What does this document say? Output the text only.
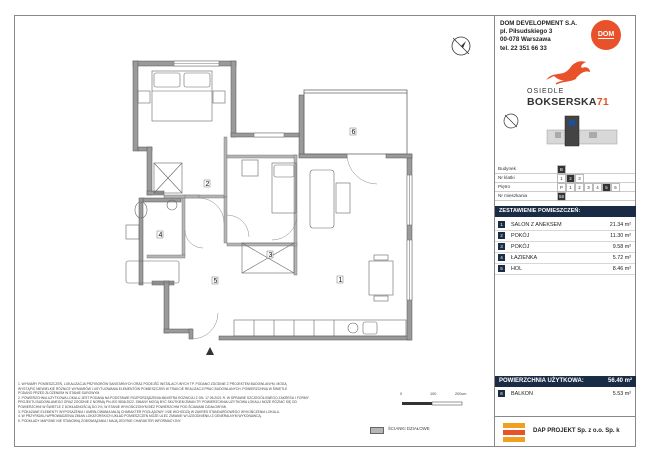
6
2
4
3
5	1
DOM DEVELOPMENT S.A.
pl. Piłsudskiego 3
00-078 Warszawa
tel. 22 351 66 33
DOM
OSIEDLE
BOKSERSKA71
Budynek	B
Nr klatki	1	2	3
Piętro	P	1	2	3	4	5	6
Nr mieszkania	58
ZESTAWIENIE POMIESZCZEŃ:
1	SALON Z ANEKSEM	21.34 m²
2	POKÓJ	11.30 m²
3	POKÓJ	9.58 m²
4	ŁAZIENKA	5.72 m²
5	HOL	8.46 m²
POWIERZCHNIA UŻYTKOWA:	56.40 m²
6	BALKON	5.53 m²
DAP PROJEKT Sp. z o.o. Sp. k
0	100	200cm
ŚCIANKI DZIAŁOWE
1. WYMIARY POMIESZCZEŃ, LOKALIZACJA PRZYBORÓW SANITARNYCH ORAZ PODEJŚĆ INSTALACYJNYCH TP. PODANO ZGODNIE Z PROJEKTEM BUDOWLANYM. MOGĄ
WYSTĄPIĆ NIEWIELKIE RÓŻNICE WYMIARÓW I USYTUOWANIA ELEMENTÓW POMIESZCZEŃ W TRAKCIE REALIZACJI PRAC BUDOWLANYCH. POWIERZCHNIA W ŚWIETLE
PODANO PRZED ZŁOŻENIEM W STANIE SUROWYM.
2. POWIERZCHNIA UŻYTKOWA LOKALU JEST PODANA NA PODSTAWIE ROZPORZĄDZENIA MINISTRA ROZWOJU Z DN. 17.06.2021 R. W SPRAWIE SZCZEGÓŁOWEGO ZAKRESU I FORMY
PROJEKTU BUDOWLANEGO ORAZ ZGODNIE Z NORMĄ PN-ISO 9836:2022. ZMIANY MOGĄ BYĆ SKUTKIEM ZMIAN TP. POWIERZCHNIA UŻYTKOWA LOKALU MOŻE RÓŻNIĆ SIĘ OD
POWIERZCHNI W ŚWIETLE Z DOKŁADNOŚCIĄ DO 2%, W STANIE WYKOŃCZONYM BEZ POWIERZCHNI POD ŚCIANAMI DZIAŁOWYMI.
3. POKAZANE ELEMENTY WYPOSAŻENIA I UMEBLOWANIA MAJĄ CHARAKTER POGLĄDOWY I NIE WCHODZĄ W ZAKRES STANDARDOWEGO WYKOŃCZENIA LOKALU.
4. W PRZYPADKU WPROWADZENIA ZMIAN LOKATORSKICH UKŁAD POMIESZCZEŃ MOŻE ULEC ZMIANIE W UZGODNIENIU Z GENERALNYM WYKONAWCĄ.
5. PODKŁADY MAPOWE NIE STANOWIĄ ZOBOWIĄZANIA I MAJĄ JEDYNIE CHARAKTER INFORMACYJNY.
